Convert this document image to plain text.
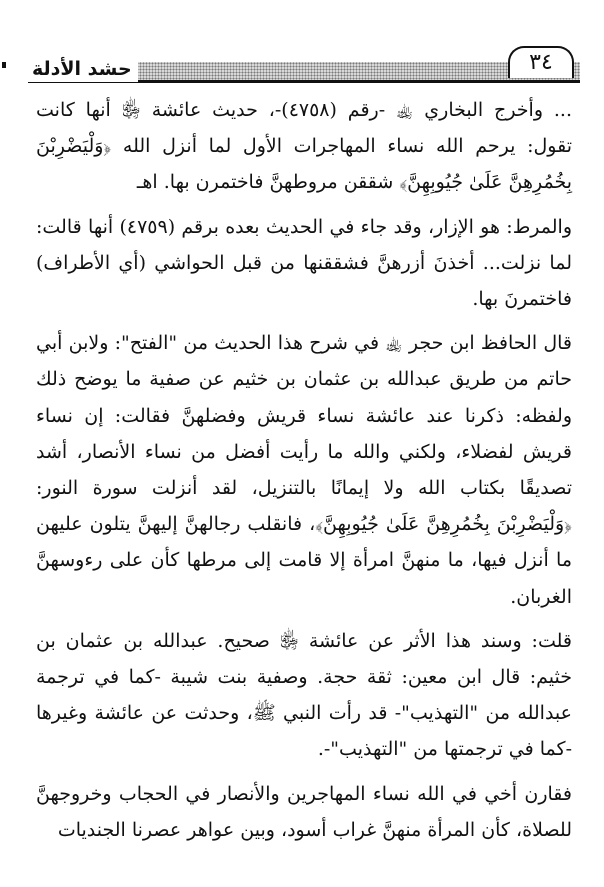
حشد الأدلة	٣٤

... وأخرج البخاري ﵀ -رقم (٤٧٥٨)-، حديث عائشة ﵂ أنها كانت تقول: يرحم الله نساء المهاجرات الأول لما أنزل الله ﴿وَلْيَضْرِبْنَ بِخُمُرِهِنَّ عَلَىٰ جُيُوبِهِنَّ﴾ شققن مروطهنَّ فاختمرن بها. اهـ

والمرط: هو الإزار، وقد جاء في الحديث بعده برقم (٤٧٥٩) أنها قالت: لما نزلت... أخذنَ أزرهنَّ فشققنها من قبل الحواشي (أي الأطراف) فاختمرنَ بها.

قال الحافظ ابن حجر ﵀ في شرح هذا الحديث من "الفتح": ولابن أبي حاتم من طريق عبدالله بن عثمان بن خثيم عن صفية ما يوضح ذلك ولفظه: ذكرنا عند عائشة نساء قريش وفضلهنَّ فقالت: إن نساء قريش لفضلاء، ولكني والله ما رأيت أفضل من نساء الأنصار، أشد تصديقًا بكتاب الله ولا إيمانًا بالتنزيل، لقد أنزلت سورة النور: ﴿وَلْيَضْرِبْنَ بِخُمُرِهِنَّ عَلَىٰ جُيُوبِهِنَّ﴾، فانقلب رجالهنَّ إليهنَّ يتلون عليهن ما أنزل فيها، ما منهنَّ امرأة إلا قامت إلى مرطها كأن على رءوسهنَّ الغربان.

قلت: وسند هذا الأثر عن عائشة ﵂ صحيح. عبدالله بن عثمان بن خثيم: قال ابن معين: ثقة حجة. وصفية بنت شيبة -كما في ترجمة عبدالله من "التهذيب"- قد رأت النبي ﷺ، وحدثت عن عائشة وغيرها -كما في ترجمتها من "التهذيب"-.

فقارن أخي في الله نساء المهاجرين والأنصار في الحجاب وخروجهنَّ للصلاة، كأن المرأة منهنَّ غراب أسود، وبين عواهر عصرنا الجنديات
